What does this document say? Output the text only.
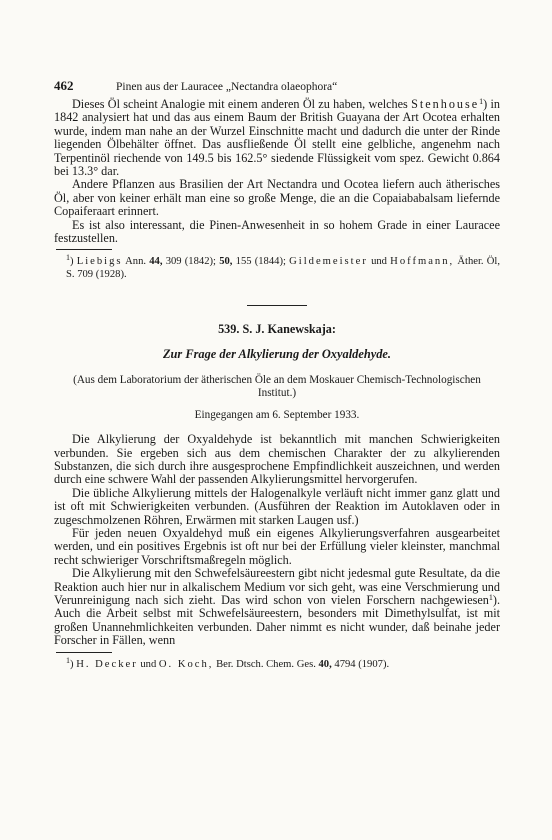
462	Pinen aus der Lauracee „Nectandra olaeophora“

Dieses Öl scheint Analogie mit einem anderen Öl zu haben, welches Stenhouse$^1$) in 1842 analysiert hat und das aus einem Baum der British Guayana der Art Ocotea erhalten wurde, indem man nahe an der Wurzel Einschnitte macht und dadurch die unter der Rinde liegenden Ölbehälter öffnet. Das ausfließende Öl stellt eine gelbliche, angenehm nach Terpentinöl riechende von 149.5 bis 162.5° siedende Flüssigkeit vom spez. Gewicht 0.864 bei 13.3° dar.

Andere Pflanzen aus Brasilien der Art Nectandra und Ocotea liefern auch ätherisches Öl, aber von keiner erhält man eine so große Menge, die an die Copaiababalsam liefernde Copaiferaart erinnert.

Es ist also interessant, die Pinen-Anwesenheit in so hohem Grade in einer Lauracee festzustellen.

$^1$) Liebigs Ann. 44, 309 (1842); 50, 155 (1844); Gildemeister und Hoffmann, Äther. Öl, S. 709 (1928).
539. S. J. Kanewskaja:
Zur Frage der Alkylierung der Oxyaldehyde.
(Aus dem Laboratorium der ätherischen Öle an dem Moskauer Chemisch-Technologischen Institut.)
Eingegangen am 6. September 1933.

Die Alkylierung der Oxyaldehyde ist bekanntlich mit manchen Schwierigkeiten verbunden. Sie ergeben sich aus dem chemischen Charakter der zu alkylierenden Substanzen, die sich durch ihre ausgesprochene Empfindlichkeit auszeichnen, und werden durch eine schwere Wahl der passenden Alkylierungsmittel hervorgerufen.

Die übliche Alkylierung mittels der Halogenalkyle verläuft nicht immer ganz glatt und ist oft mit Schwierigkeiten verbunden. (Ausführen der Reaktion im Autoklaven oder in zugeschmolzenen Röhren, Erwärmen mit starken Laugen usf.)

Für jeden neuen Oxyaldehyd muß ein eigenes Alkylierungsverfahren ausgearbeitet werden, und ein positives Ergebnis ist oft nur bei der Erfüllung vieler kleinster, manchmal recht schwieriger Vorschriftsmaßregeln möglich.

Die Alkylierung mit den Schwefelsäureestern gibt nicht jedesmal gute Resultate, da die Reaktion auch hier nur in alkalischem Medium vor sich geht, was eine Verschmierung und Verunreinigung nach sich zieht. Das wird schon von vielen Forschern nachgewiesen$^1$). Auch die Arbeit selbst mit Schwefelsäureestern, besonders mit Dimethylsulfat, ist mit großen Unannehmlichkeiten verbunden. Daher nimmt es nicht wunder, daß beinahe jeder Forscher in Fällen, wenn

$^1$) H. Decker und O. Koch, Ber. Dtsch. Chem. Ges. 40, 4794 (1907).
